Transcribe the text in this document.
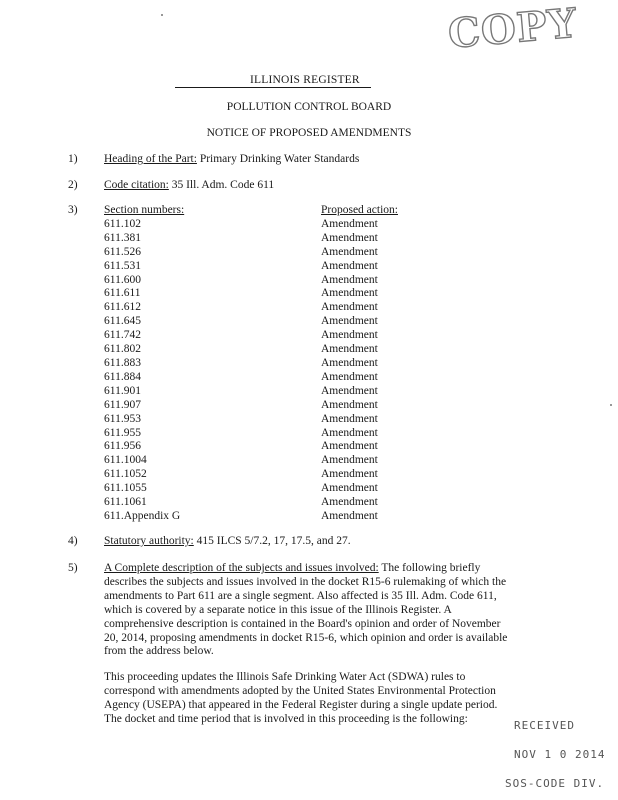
COPY
ILLINOIS REGISTER
POLLUTION CONTROL BOARD
NOTICE OF PROPOSED AMENDMENTS
1) Heading of the Part: Primary Drinking Water Standards
2) Code citation: 35 Ill. Adm. Code 611
3) Section numbers:
611.102
611.381
611.526
611.531
611.600
611.611
611.612
611.645
611.742
611.802
611.883
611.884
611.901
611.907
611.953
611.955
611.956
611.1004
611.1052
611.1055
611.1061
611.Appendix G
Proposed action:
Amendment
Amendment
Amendment
Amendment
Amendment
Amendment
Amendment
Amendment
Amendment
Amendment
Amendment
Amendment
Amendment
Amendment
Amendment
Amendment
Amendment
Amendment
Amendment
Amendment
Amendment
Amendment
4) Statutory authority: 415 ILCS 5/7.2, 17, 17.5, and 27.
5) A Complete description of the subjects and issues involved: The following briefly
describes the subjects and issues involved in the docket R15-6 rulemaking of which the
amendments to Part 611 are a single segment. Also affected is 35 Ill. Adm. Code 611,
which is covered by a separate notice in this issue of the Illinois Register. A
comprehensive description is contained in the Board's opinion and order of November
20, 2014, proposing amendments in docket R15-6, which opinion and order is available
from the address below.
This proceeding updates the Illinois Safe Drinking Water Act (SDWA) rules to
correspond with amendments adopted by the United States Environmental Protection
Agency (USEPA) that appeared in the Federal Register during a single update period.
The docket and time period that is involved in this proceeding is the following:
RECEIVED
NOV 1 0 2014
SOS-CODE DIV.
